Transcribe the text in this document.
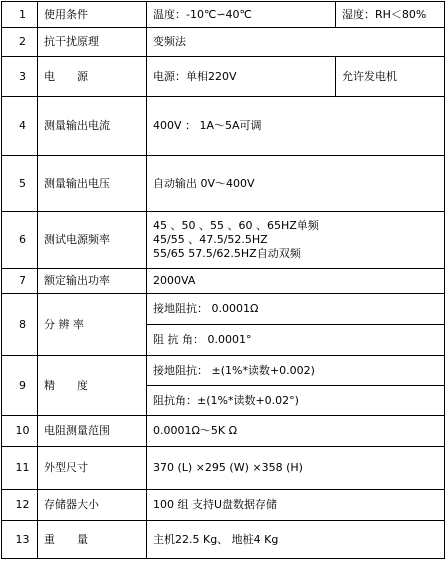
1	使用条件	温度：-10℃∽40℃	湿度：RH＜80%
2	抗干扰原理	变频法	
3	电　　源	电源：单相220V	允许发电机
4	测量输出电流	400V ： 1A～5A可调	
5	测量输出电压	自动输出 0V～400V	
6	测试电源频率	45 、50 、55 、60 、65HZ单频
45/55 、47.5/52.5HZ
55/65 57.5/62.5HZ自动双频	

7	额定输出功率	2000VA	
8	分 辨 率	接地阻抗： 0.0001Ω	
		阻 抗 角： 0.0001°	
9	精　　度	接地阻抗： ±(1%*读数+0.002)	
		阻抗角：±(1%*读数+0.02°)	
10	电阻测量范围	0.0001Ω～5K Ω	
11	外型尺寸	370 (L) ×295 (W) ×358 (H)	
12	存储器大小	100 组 支持U盘数据存储	
13	重　　量	主机22.5 Kg、 地桩4 Kg	
